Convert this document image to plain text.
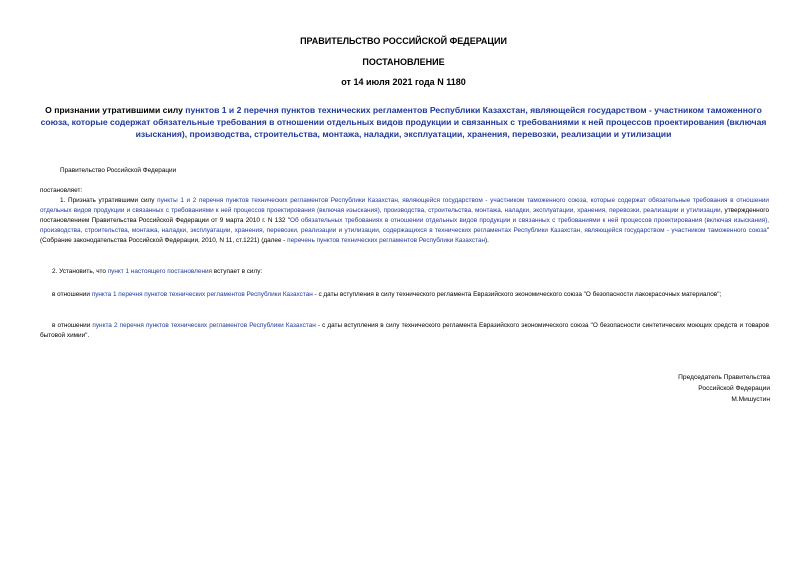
ПРАВИТЕЛЬСТВО РОССИЙСКОЙ ФЕДЕРАЦИИ
ПОСТАНОВЛЕНИЕ
от 14 июля 2021 года N 1180
О признании утратившими силу пунктов 1 и 2 перечня пунктов технических регламентов Республики Казахстан, являющейся государством - участником таможенного союза, которые содержат обязательные требования в отношении отдельных видов продукции и связанных с требованиями к ней процессов проектирования (включая изыскания), производства, строительства, монтажа, наладки, эксплуатации, хранения, перевозки, реализации и утилизации

Правительство Российской Федерации

постановляет:

1. Признать утратившими силу пункты 1 и 2 перечня пунктов технических регламентов Республики Казахстан, являющейся государством - участником таможенного союза, которые содержат обязательные требования в отношении отдельных видов продукции и связанных с требованиями к ней процессов проектирования (включая изыскания), производства, строительства, монтажа, наладки, эксплуатации, хранения, перевозки, реализации и утилизации, утвержденного постановлением Правительства Российской Федерации от 9 марта 2010 г. N 132 "Об обязательных требованиях в отношении отдельных видов продукции и связанных с требованиями к ней процессов проектирования (включая изыскания), производства, строительства, монтажа, наладки, эксплуатации, хранения, перевозки, реализации и утилизации, содержащихся в технических регламентах Республики Казахстан, являющейся государством - участником таможенного союза" (Собрание законодательства Российской Федерации, 2010, N 11, ст.1221) (далее - перечень пунктов технических регламентов Республики Казахстан).

2. Установить, что пункт 1 настоящего постановления вступает в силу:

в отношении пункта 1 перечня пунктов технических регламентов Республики Казахстан - с даты вступления в силу технического регламента Евразийского экономического союза "О безопасности лакокрасочных материалов";

в отношении пункта 2 перечня пунктов технических регламентов Республики Казахстан - с даты вступления в силу технического регламента Евразийского экономического союза "О безопасности синтетических моющих средств и товаров бытовой химии".

Председатель Правительства
Российской Федерации
М.Мишустин
